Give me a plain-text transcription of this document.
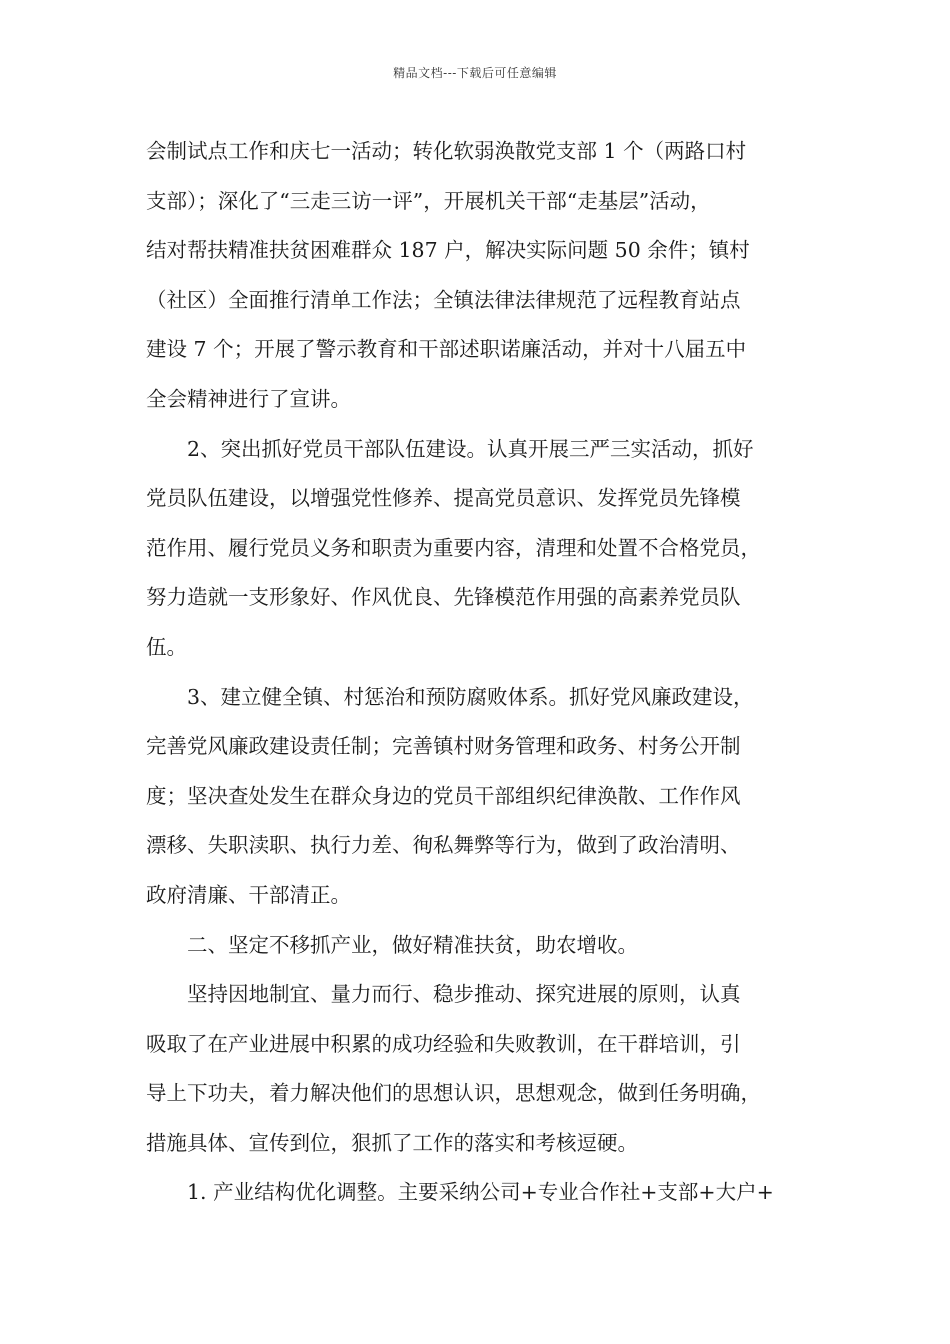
精品文档---下载后可任意编辑
会制试点工作和庆七一活动；转化软弱涣散党支部 1 个（两路口村
支部）；深化了“三走三访一评”，开展机关干部“走基层”活动，
结对帮扶精准扶贫困难群众 187 户，解决实际问题 50 余件；镇村
（社区）全面推行清单工作法；全镇法律法律规范了远程教育站点
建设 7 个；开展了警示教育和干部述职诺廉活动，并对十八届五中
全会精神进行了宣讲。
2、突出抓好党员干部队伍建设。认真开展三严三实活动，抓好
党员队伍建设，以增强党性修养、提高党员意识、发挥党员先锋模
范作用、履行党员义务和职责为重要内容，清理和处置不合格党员，
努力造就一支形象好、作风优良、先锋模范作用强的高素养党员队
伍。
3、建立健全镇、村惩治和预防腐败体系。抓好党风廉政建设，
完善党风廉政建设责任制；完善镇村财务管理和政务、村务公开制
度；坚决查处发生在群众身边的党员干部组织纪律涣散、工作作风
漂移、失职渎职、执行力差、徇私舞弊等行为，做到了政治清明、
政府清廉、干部清正。
二、坚定不移抓产业，做好精准扶贫，助农增收。
坚持因地制宜、量力而行、稳步推动、探究进展的原则，认真
吸取了在产业进展中积累的成功经验和失败教训，在干群培训，引
导上下功夫，着力解决他们的思想认识，思想观念，做到任务明确，
措施具体、宣传到位，狠抓了工作的落实和考核逗硬。
1. 产业结构优化调整。主要采纳公司+专业合作社+支部+大户+
